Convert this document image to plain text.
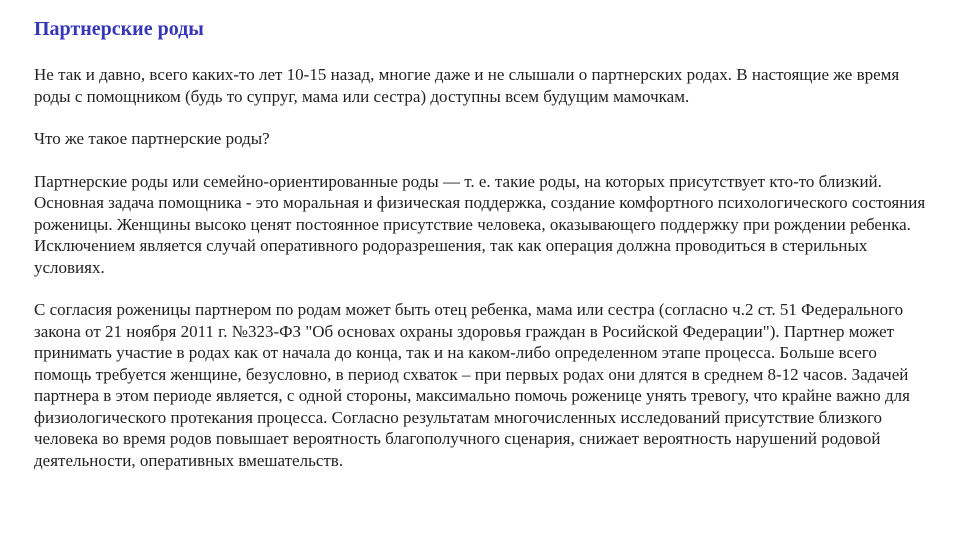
Партнерские роды

Не так и давно, всего каких-то лет 10-15 назад, многие даже и не слышали о партнерских родах. В настоящие же время роды с помощником (будь то супруг, мама или сестра) доступны всем будущим мамочкам.

Что же такое партнерские роды?

Партнерские роды или семейно-ориентированные роды — т. е. такие роды, на которых присутствует кто-то близкий. Основная задача помощника - это моральная и физическая поддержка, создание комфортного психологического состояния роженицы. Женщины высоко ценят постоянное присутствие человека, оказывающего поддержку при рождении ребенка. Исключением является случай оперативного родоразрешения, так как операция должна проводиться в стерильных условиях.

С согласия роженицы партнером по родам может быть отец ребенка, мама или сестра (согласно ч.2 ст. 51 Федерального закона от 21 ноября 2011 г. №323-ФЗ "Об основах охраны здоровья граждан в Росийской Федерации"). Партнер может принимать участие в родах как от начала до конца, так и на каком-либо определенном этапе процесса. Больше всего помощь требуется женщине, безусловно, в период схваток – при первых родах они длятся в среднем 8-12 часов. Задачей партнера в этом периоде является, с одной стороны, максимально помочь роженице унять тревогу, что крайне важно для физиологического протекания процесса. Согласно результатам многочисленных исследований присутствие близкого человека во время родов повышает вероятность благополучного сценария, снижает вероятность нарушений родовой деятельности, оперативных вмешательств.
